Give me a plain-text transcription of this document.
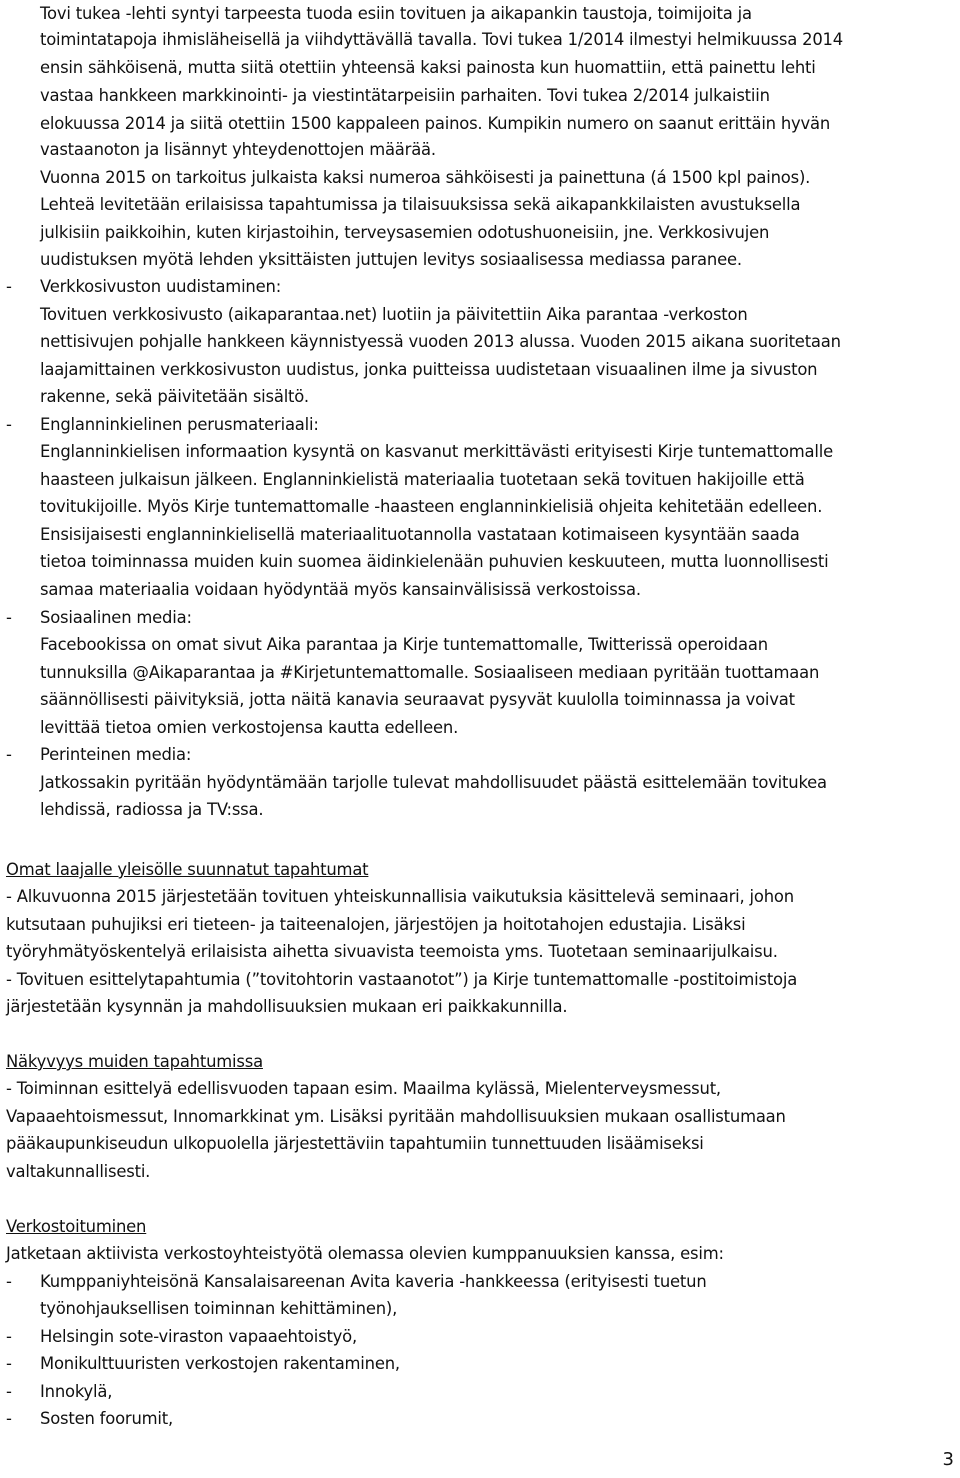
Tovi tukea -lehti syntyi tarpeesta tuoda esiin tovituen ja aikapankin taustoja, toimijoita ja
toimintatapoja ihmisläheisellä ja viihdyttävällä tavalla. Tovi tukea 1/2014 ilmestyi helmikuussa 2014
ensin sähköisenä, mutta siitä otettiin yhteensä kaksi painosta kun huomattiin, että painettu lehti
vastaa hankkeen markkinointi- ja viestintätarpeisiin parhaiten. Tovi tukea 2/2014 julkaistiin
elokuussa 2014 ja siitä otettiin 1500 kappaleen painos. Kumpikin numero on saanut erittäin hyvän
vastaanoton ja lisännyt yhteydenottojen määrää.
Vuonna 2015 on tarkoitus julkaista kaksi numeroa sähköisesti ja painettuna (á 1500 kpl painos).
Lehteä levitetään erilaisissa tapahtumissa ja tilaisuuksissa sekä aikapankkilaisten avustuksella
julkisiin paikkoihin, kuten kirjastoihin, terveysasemien odotushuoneisiin, jne. Verkkosivujen
uudistuksen myötä lehden yksittäisten juttujen levitys sosiaalisessa mediassa paranee.
- Verkkosivuston uudistaminen:
Tovituen verkkosivusto (aikaparantaa.net) luotiin ja päivitettiin Aika parantaa -verkoston
nettisivujen pohjalle hankkeen käynnistyessä vuoden 2013 alussa. Vuoden 2015 aikana suoritetaan
laajamittainen verkkosivuston uudistus, jonka puitteissa uudistetaan visuaalinen ilme ja sivuston
rakenne, sekä päivitetään sisältö.
- Englanninkielinen perusmateriaali:
Englanninkielisen informaation kysyntä on kasvanut merkittävästi erityisesti Kirje tuntemattomalle
haasteen julkaisun jälkeen. Englanninkielistä materiaalia tuotetaan sekä tovituen hakijoille että
tovitukijoille. Myös Kirje tuntemattomalle -haasteen englanninkielisiä ohjeita kehitetään edelleen.
Ensisijaisesti englanninkielisellä materiaalituotannolla vastataan kotimaiseen kysyntään saada
tietoa toiminnassa muiden kuin suomea äidinkielenään puhuvien keskuuteen, mutta luonnollisesti
samaa materiaalia voidaan hyödyntää myös kansainvälisissä verkostoissa.
- Sosiaalinen media:
Facebookissa on omat sivut Aika parantaa ja Kirje tuntemattomalle, Twitterissä operoidaan
tunnuksilla @Aikaparantaa ja #Kirjetuntemattomalle. Sosiaaliseen mediaan pyritään tuottamaan
säännöllisesti päivityksiä, jotta näitä kanavia seuraavat pysyvät kuulolla toiminnassa ja voivat
levittää tietoa omien verkostojensa kautta edelleen.
- Perinteinen media:
Jatkossakin pyritään hyödyntämään tarjolle tulevat mahdollisuudet päästä esittelemään tovitukea
lehdissä, radiossa ja TV:ssa.
Omat laajalle yleisölle suunnatut tapahtumat
- Alkuvuonna 2015 järjestetään tovituen yhteiskunnallisia vaikutuksia käsittelevä seminaari, johon
kutsutaan puhujiksi eri tieteen- ja taiteenalojen, järjestöjen ja hoitotahojen edustajia. Lisäksi
työryhmätyöskentelyä erilaisista aihetta sivuavista teemoista yms. Tuotetaan seminaarijulkaisu.
- Tovituen esittelytapahtumia (”tovitohtorin vastaanotot”) ja Kirje tuntemattomalle -postitoimistoja
järjestetään kysynnän ja mahdollisuuksien mukaan eri paikkakunnilla.
Näkyvyys muiden tapahtumissa
- Toiminnan esittelyä edellisvuoden tapaan esim. Maailma kylässä, Mielenterveysmessut,
Vapaaehtoismessut, Innomarkkinat ym. Lisäksi pyritään mahdollisuuksien mukaan osallistumaan
pääkaupunkiseudun ulkopuolella järjestettäviin tapahtumiin tunnettuuden lisäämiseksi
valtakunnallisesti.
Verkostoituminen
Jatketaan aktiivista verkostoyhteistyötä olemassa olevien kumppanuuksien kanssa, esim:
- Kumppaniyhteisönä Kansalaisareenan Avita kaveria -hankkeessa (erityisesti tuetun
työnohjauksellisen toiminnan kehittäminen),
- Helsingin sote-viraston vapaaehtoistyö,
- Monikulttuuristen verkostojen rakentaminen,
- Innokylä,
- Sosten foorumit,
3
